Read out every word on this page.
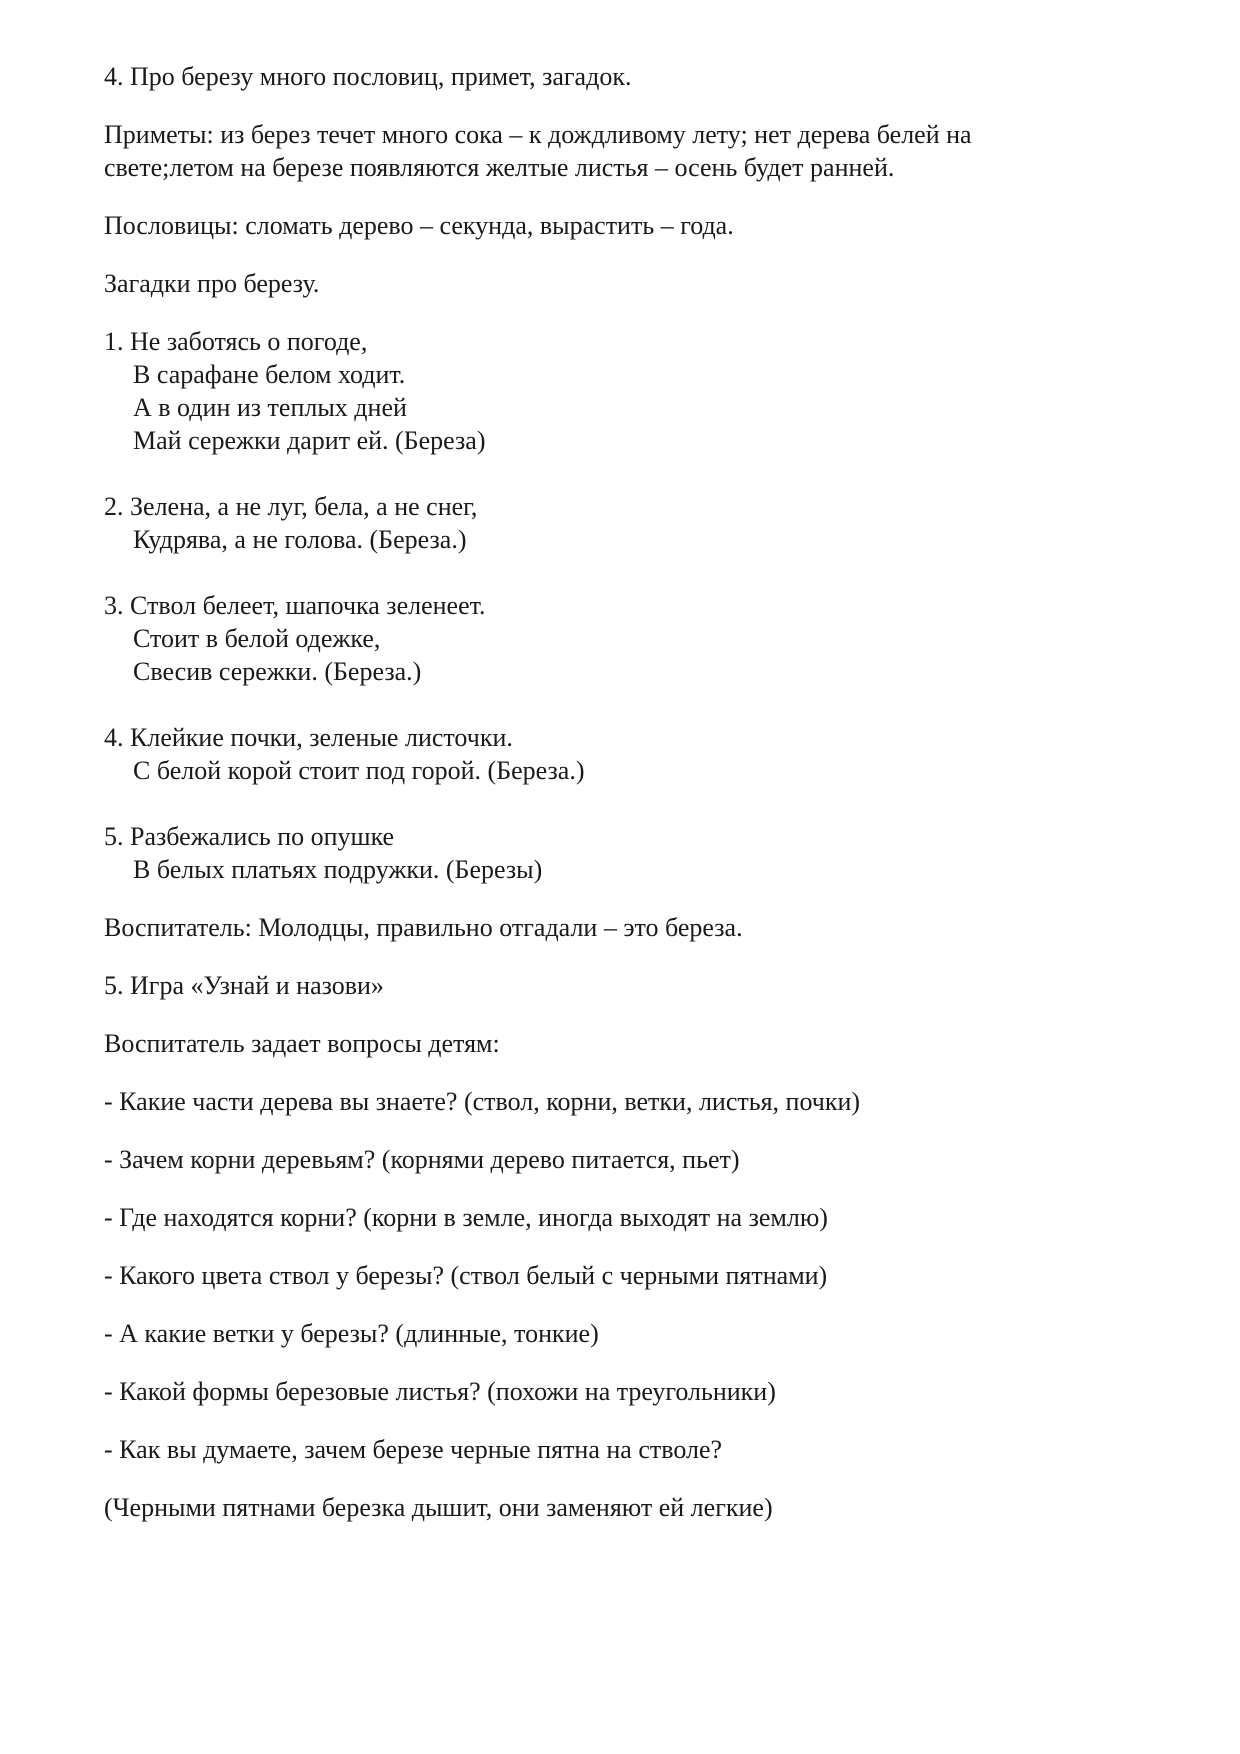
4. Про березу много пословиц, примет, загадок.

Приметы: из берез течет много сока – к дождливому лету; нет дерева белей на свете;летом на березе появляются желтые листья – осень будет ранней.

Пословицы: сломать дерево – секунда, вырастить – года.

Загадки про березу.

1. Не заботясь о погоде,
В сарафане белом ходит.
А в один из теплых дней
Май сережки дарит ей. (Береза)
2. Зелена, а не луг, бела, а не снег,
Кудрява, а не голова. (Береза.)
3. Ствол белеет, шапочка зеленеет.
Стоит в белой одежке,
Свесив сережки. (Береза.)
4. Клейкие почки, зеленые листочки.
С белой корой стоит под горой. (Береза.)
5. Разбежались по опушке
В белых платьях подружки. (Березы)

Воспитатель: Молодцы, правильно отгадали – это береза.

5. Игра «Узнай и назови»

Воспитатель задает вопросы детям:

- Какие части дерева вы знаете? (ствол, корни, ветки, листья, почки)

- Зачем корни деревьям? (корнями дерево питается, пьет)

- Где находятся корни? (корни в земле, иногда выходят на землю)

- Какого цвета ствол у березы? (ствол белый с черными пятнами)

- А какие ветки у березы? (длинные, тонкие)

- Какой формы березовые листья? (похожи на треугольники)

- Как вы думаете, зачем березе черные пятна на стволе?

(Черными пятнами березка дышит, они заменяют ей легкие)
